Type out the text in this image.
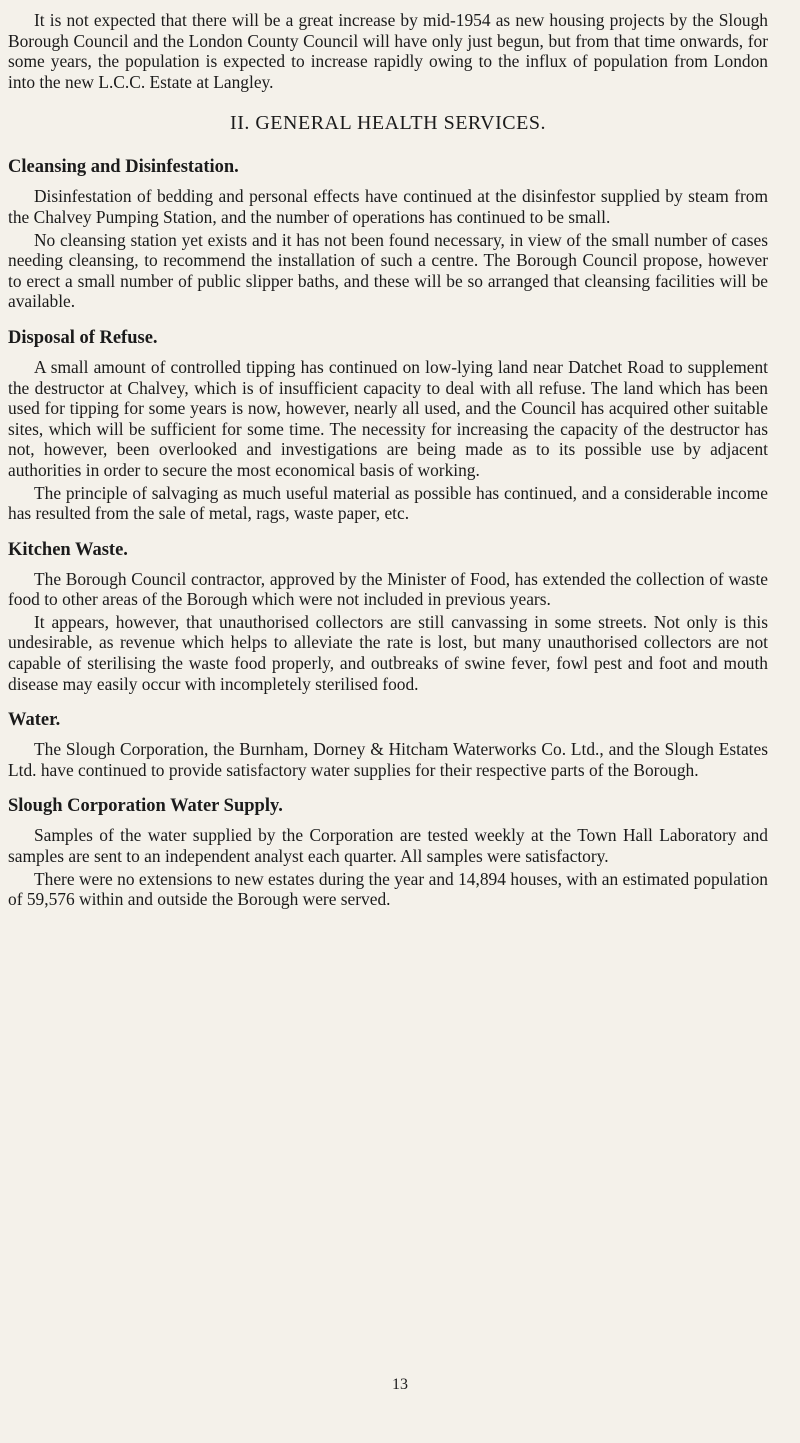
It is not expected that there will be a great increase by mid-1954 as new housing projects by the Slough Borough Council and the London County Council will have only just begun, but from that time onwards, for some years, the population is expected to increase rapidly owing to the influx of population from London into the new L.C.C. Estate at Langley.

II. GENERAL HEALTH SERVICES.
Cleansing and Disinfestation.

Disinfestation of bedding and personal effects have continued at the disinfestor supplied by steam from the Chalvey Pumping Station, and the number of operations has continued to be small.

No cleansing station yet exists and it has not been found necessary, in view of the small number of cases needing cleansing, to recommend the installation of such a centre. The Borough Council propose, however to erect a small number of public slipper baths, and these will be so arranged that cleansing facilities will be available.

Disposal of Refuse.

A small amount of controlled tipping has continued on low-lying land near Datchet Road to supplement the destructor at Chalvey, which is of insufficient capacity to deal with all refuse. The land which has been used for tipping for some years is now, however, nearly all used, and the Council has acquired other suitable sites, which will be sufficient for some time. The necessity for increasing the capacity of the destructor has not, however, been overlooked and investigations are being made as to its possible use by adjacent authorities in order to secure the most economical basis of working.

The principle of salvaging as much useful material as possible has continued, and a considerable income has resulted from the sale of metal, rags, waste paper, etc.

Kitchen Waste.

The Borough Council contractor, approved by the Minister of Food, has extended the collection of waste food to other areas of the Borough which were not included in previous years.

It appears, however, that unauthorised collectors are still canvassing in some streets. Not only is this undesirable, as revenue which helps to alleviate the rate is lost, but many unauthorised collectors are not capable of sterilising the waste food properly, and outbreaks of swine fever, fowl pest and foot and mouth disease may easily occur with incompletely sterilised food.

Water.

The Slough Corporation, the Burnham, Dorney & Hitcham Waterworks Co. Ltd., and the Slough Estates Ltd. have continued to provide satisfactory water supplies for their respective parts of the Borough.

Slough Corporation Water Supply.

Samples of the water supplied by the Corporation are tested weekly at the Town Hall Laboratory and samples are sent to an independent analyst each quarter. All samples were satisfactory.

There were no extensions to new estates during the year and 14,894 houses, with an estimated population of 59,576 within and outside the Borough were served.

13
